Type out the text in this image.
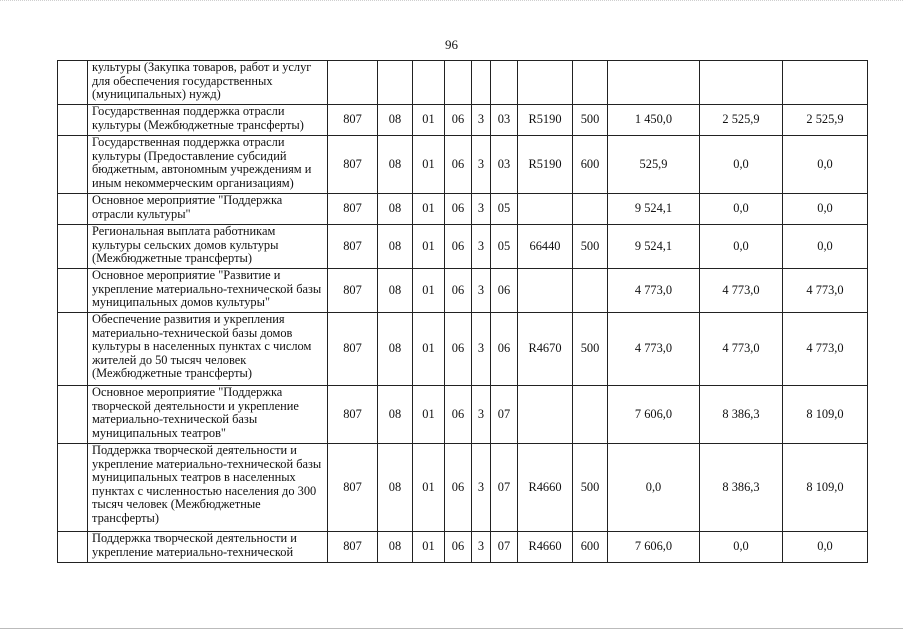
96
	культуры (Закупка товаров, работ и услуг для обеспечения государственных (муниципальных) нужд)											
	Государственная поддержка отрасли культуры (Межбюджетные трансферты)	807	08	01	06	3	03	R5190	500	1 450,0	2 525,9	2 525,9
	Государственная поддержка отрасли культуры (Предоставление субсидий бюджетным, автономным учреждениям и иным некоммерческим организациям)	807	08	01	06	3	03	R5190	600	525,9	0,0	0,0
	Основное мероприятие "Поддержка отрасли культуры"	807	08	01	06	3	05			9 524,1	0,0	0,0
	Региональная выплата работникам культуры сельских домов культуры (Межбюджетные трансферты)	807	08	01	06	3	05	66440	500	9 524,1	0,0	0,0
	Основное мероприятие "Развитие и укрепление материально-технической базы муниципальных домов культуры"	807	08	01	06	3	06			4 773,0	4 773,0	4 773,0
	Обеспечение развития и укрепления материально-технической базы домов культуры в населенных пунктах с числом жителей до 50 тысяч человек (Межбюджетные трансферты)	807	08	01	06	3	06	R4670	500	4 773,0	4 773,0	4 773,0
	Основное мероприятие "Поддержка творческой деятельности и укрепление материально-технической базы муниципальных театров"	807	08	01	06	3	07			7 606,0	8 386,3	8 109,0
	Поддержка творческой деятельности и укрепление материально-технической базы муниципальных театров в населенных пунктах с численностью населения до 300 тысяч человек (Межбюджетные трансферты)	807	08	01	06	3	07	R4660	500	0,0	8 386,3	8 109,0
	Поддержка творческой деятельности и укрепление материально-технической	807	08	01	06	3	07	R4660	600	7 606,0	0,0	0,0
